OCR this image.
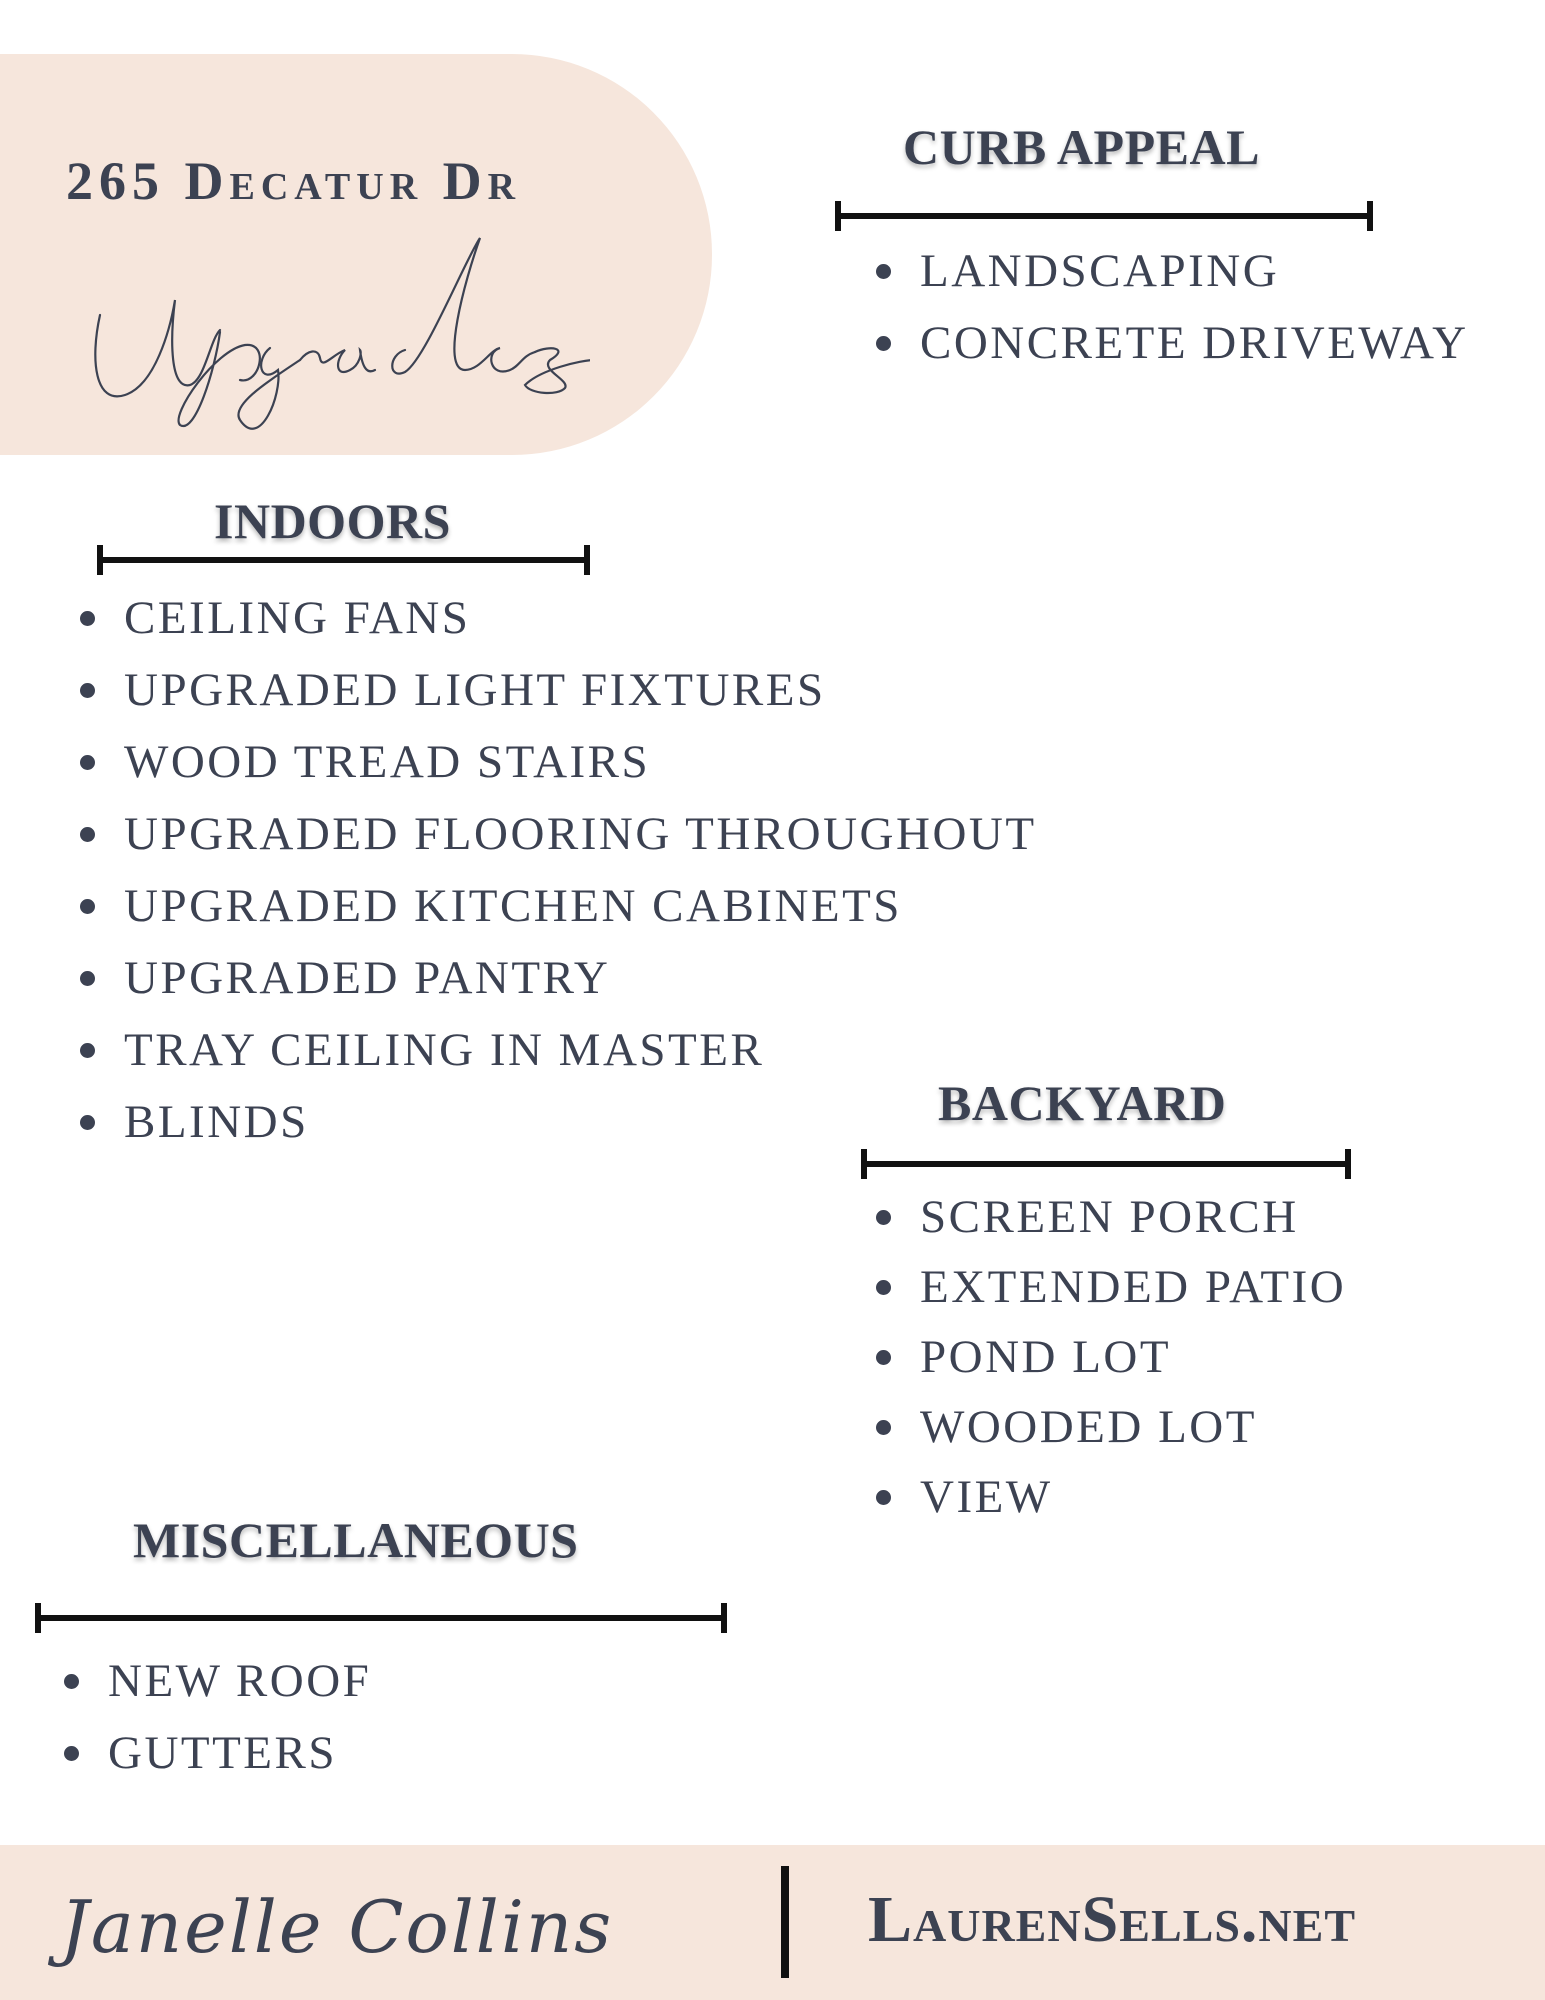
265 Decatur Dr
CURB APPEAL
LANDSCAPING
CONCRETE DRIVEWAY
INDOORS
CEILING FANS
UPGRADED LIGHT FIXTURES
WOOD TREAD STAIRS
UPGRADED FLOORING THROUGHOUT
UPGRADED KITCHEN CABINETS
UPGRADED PANTRY
TRAY CEILING IN MASTER
BLINDS	BACKYARD
SCREEN PORCH
EXTENDED PATIO
POND LOT
WOODED LOT
VIEW
MISCELLANEOUS
NEW ROOF
GUTTERS
Janelle Collins	LaurenSells.net
